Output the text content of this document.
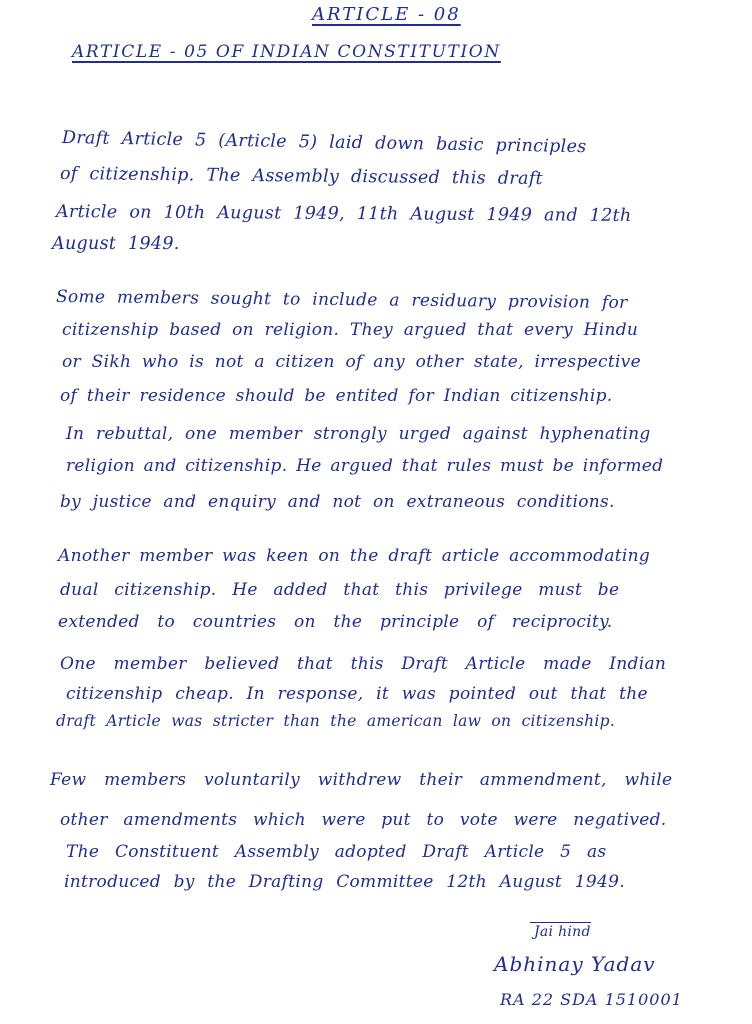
ARTICLE - 08
ARTICLE - 05 OF INDIAN CONSTITUTION
Draft Article 5 (Article 5) laid down basic principles
of citizenship. The Assembly discussed this draft
Article on 10th August 1949, 11th August 1949 and 12th
August 1949.
Some members sought to include a residuary provision for
citizenship based on religion. They argued that every Hindu
or Sikh who is not a citizen of any other state, irrespective
of their residence should be entited for Indian citizenship.
In rebuttal, one member strongly urged against hyphenating
religion and citizenship. He argued that rules must be informed
by justice and enquiry and not on extraneous conditions.
Another member was keen on the draft article accommodating
dual citizenship. He added that this privilege must be
extended to countries on the principle of reciprocity.
One member believed that this Draft Article made Indian
citizenship cheap. In response, it was pointed out that the
draft Article was stricter than the american law on citizenship.
Few members voluntarily withdrew their ammendment, while
other amendments which were put to vote were negatived.
The Constituent Assembly adopted Draft Article 5 as
introduced by the Drafting Committee 12th August 1949.
Jai hind
Abhinay Yadav
RA 22 SDA 1510001
